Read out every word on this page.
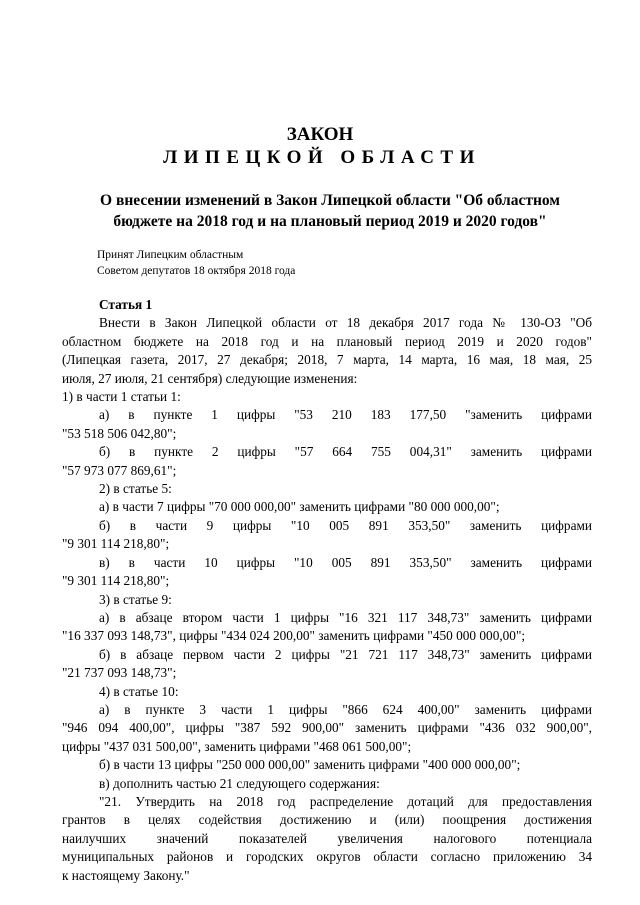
ЗАКОН
ЛИПЕЦКОЙ ОБЛАСТИ
О внесении изменений в Закон Липецкой области "Об областном
бюджете на 2018 год и на плановый период 2019 и 2020 годов"
Принят Липецким областным
Советом депутатов 18 октября 2018 года

Статья 1

Внести в Закон Липецкой области от 18 декабря 2017 года № 130-ОЗ "Об

областном бюджете на 2018 год и на плановый период 2019 и 2020 годов"

(Липецкая газета, 2017, 27 декабря; 2018, 7 марта, 14 марта, 16 мая, 18 мая, 25

июля, 27 июля, 21 сентября) следующие изменения:

1) в части 1 статьи 1:

а) в пункте 1 цифры "53 210 183 177,50 "заменить цифрами

"53 518 506 042,80";

б) в пункте 2 цифры "57 664 755 004,31" заменить цифрами

"57 973 077 869,61";

2) в статье 5:

а) в части 7 цифры "70 000 000,00" заменить цифрами "80 000 000,00";

б) в части 9 цифры "10 005 891 353,50" заменить цифрами

"9 301 114 218,80";

в) в части 10 цифры "10 005 891 353,50" заменить цифрами

"9 301 114 218,80";

3) в статье 9:

а) в абзаце втором части 1 цифры "16 321 117 348,73" заменить цифрами

"16 337 093 148,73", цифры "434 024 200,00" заменить цифрами "450 000 000,00";

б) в абзаце первом части 2 цифры "21 721 117 348,73" заменить цифрами

"21 737 093 148,73";

4) в статье 10:

а) в пункте 3 части 1 цифры "866 624 400,00" заменить цифрами

"946 094 400,00", цифры "387 592 900,00" заменить цифрами "436 032 900,00",

цифры "437 031 500,00", заменить цифрами "468 061 500,00";

б) в части 13 цифры "250 000 000,00" заменить цифрами "400 000 000,00";

в) дополнить частью 21 следующего содержания:

"21. Утвердить на 2018 год распределение дотаций для предоставления

грантов в целях содействия достижению и (или) поощрения достижения

наилучших значений показателей увеличения налогового потенциала

муниципальных районов и городских округов области согласно приложению 34

к настоящему Закону."
